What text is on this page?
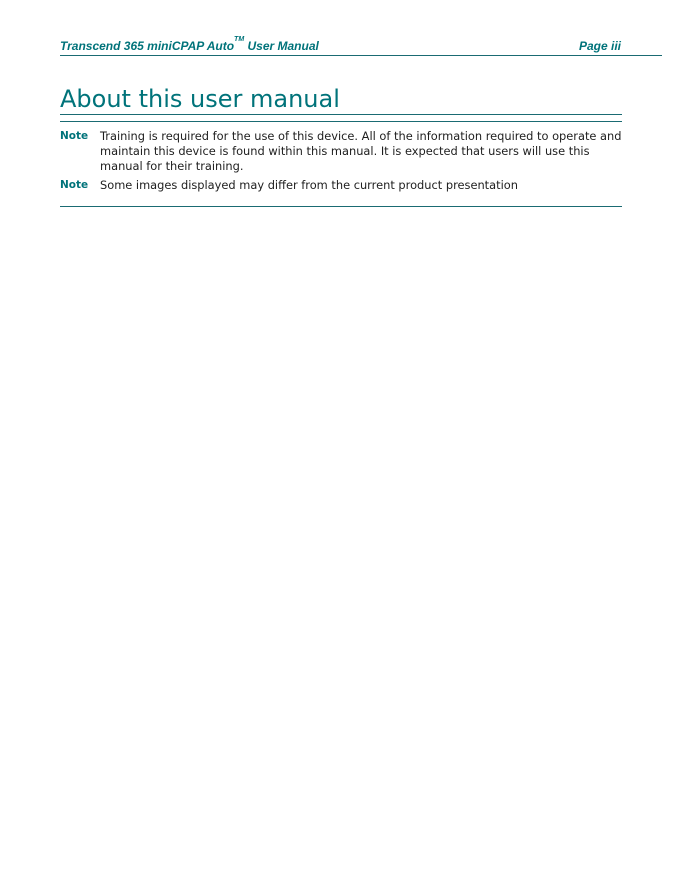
Transcend 365 miniCPAP Auto™ User Manual	Page iii
About this user manual
Note	Training is required for the use of this device. All of the information required to operate and maintain this device is found within this manual. It is expected that users will use this manual for their training.
Note	Some images displayed may differ from the current product presentation
